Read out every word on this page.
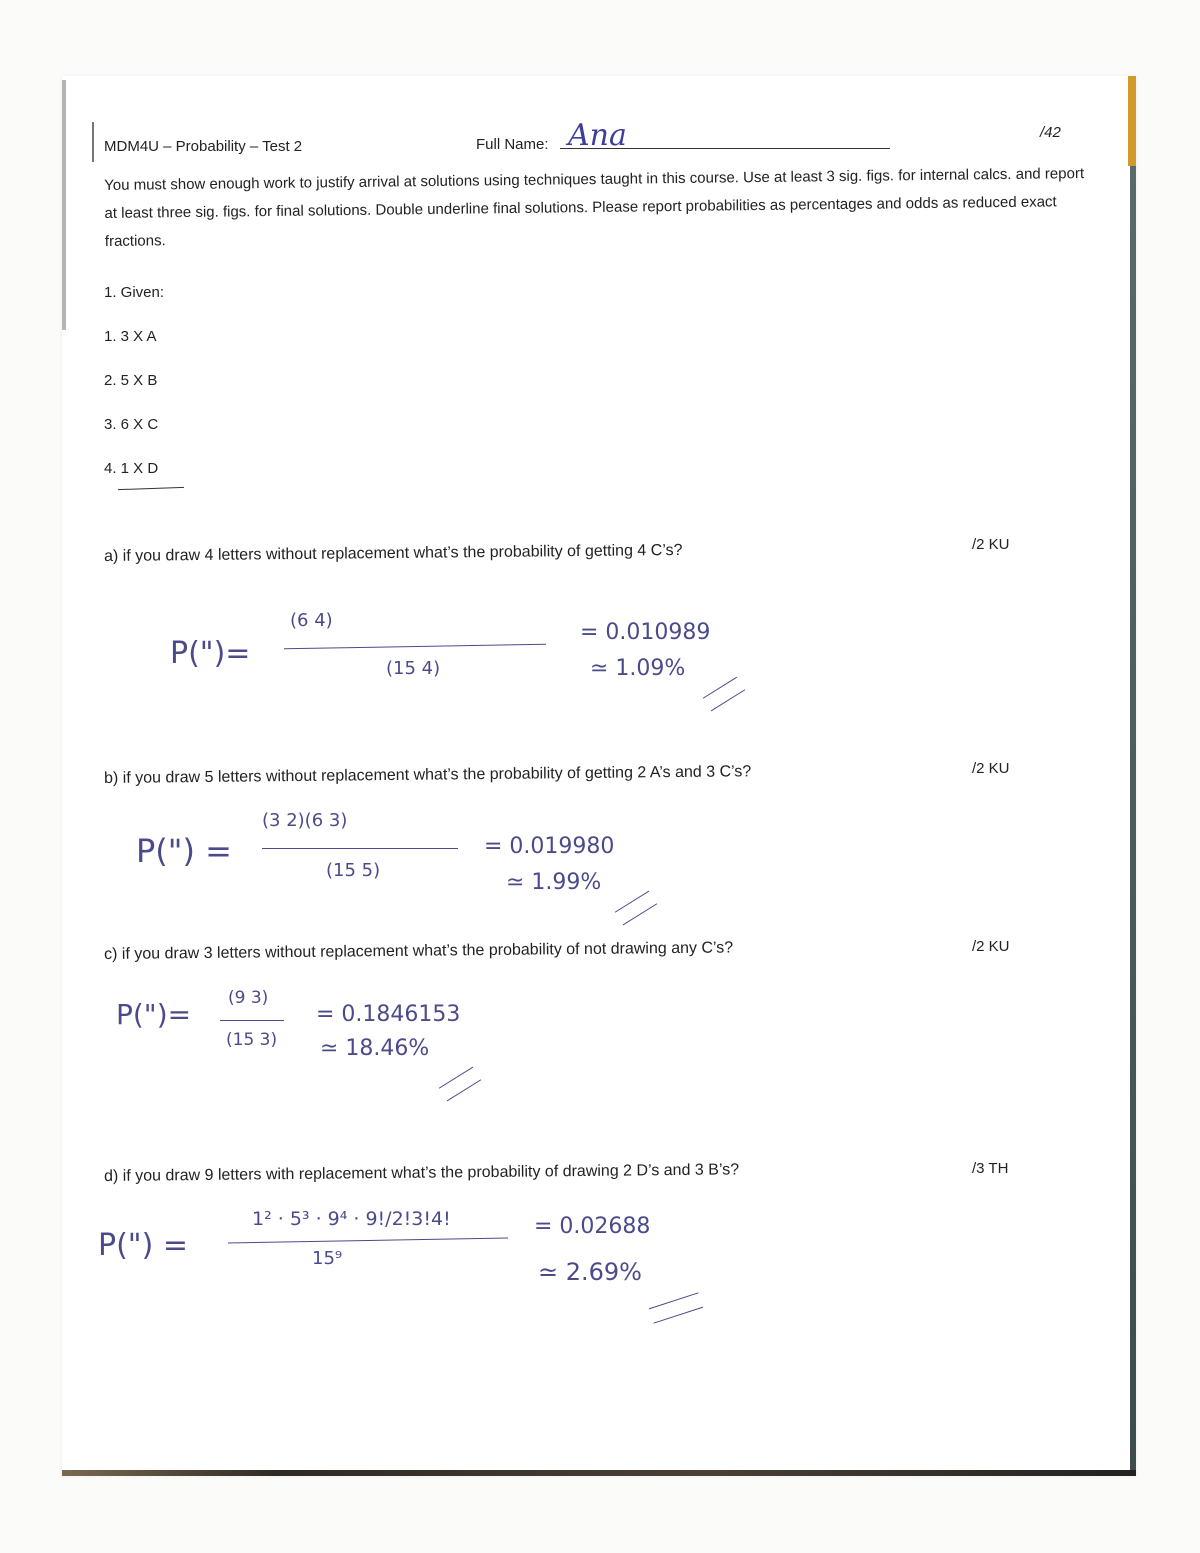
MDM4U – Probability – Test 2	Full Name: Ana	/42
You must show enough work to justify arrival at solutions using techniques taught in this course. Use at least 3 sig. figs. for internal calcs. and report at least three sig. figs. for final solutions. Double underline final solutions. Please report probabilities as percentages and odds as reduced exact fractions.
1. Given:
1. 3 X A
2. 5 X B
3. 6 X C
4. 1 X D
a) if you draw 4 letters without replacement what’s the probability of getting 4 C’s?	/2 KU
P(")=
(6 4)
(15 4)
= 0.010989
≃ 1.09%
b) if you draw 5 letters without replacement what’s the probability of getting 2 A’s and 3 C’s?	/2 KU
P(") =
(3 2)(6 3)
(15 5)
= 0.019980
≃ 1.99%
c) if you draw 3 letters without replacement what’s the probability of not drawing any C’s?	/2 KU
P(")= (9 3)
(15 3)
= 0.1846153
≃ 18.46%
d) if you draw 9 letters with replacement what’s the probability of drawing 2 D’s and 3 B’s?	/3 TH
P(") =
1² · 5³ · 9⁴ · 9!/2!3!4!
15⁹
= 0.02688
≃ 2.69%
